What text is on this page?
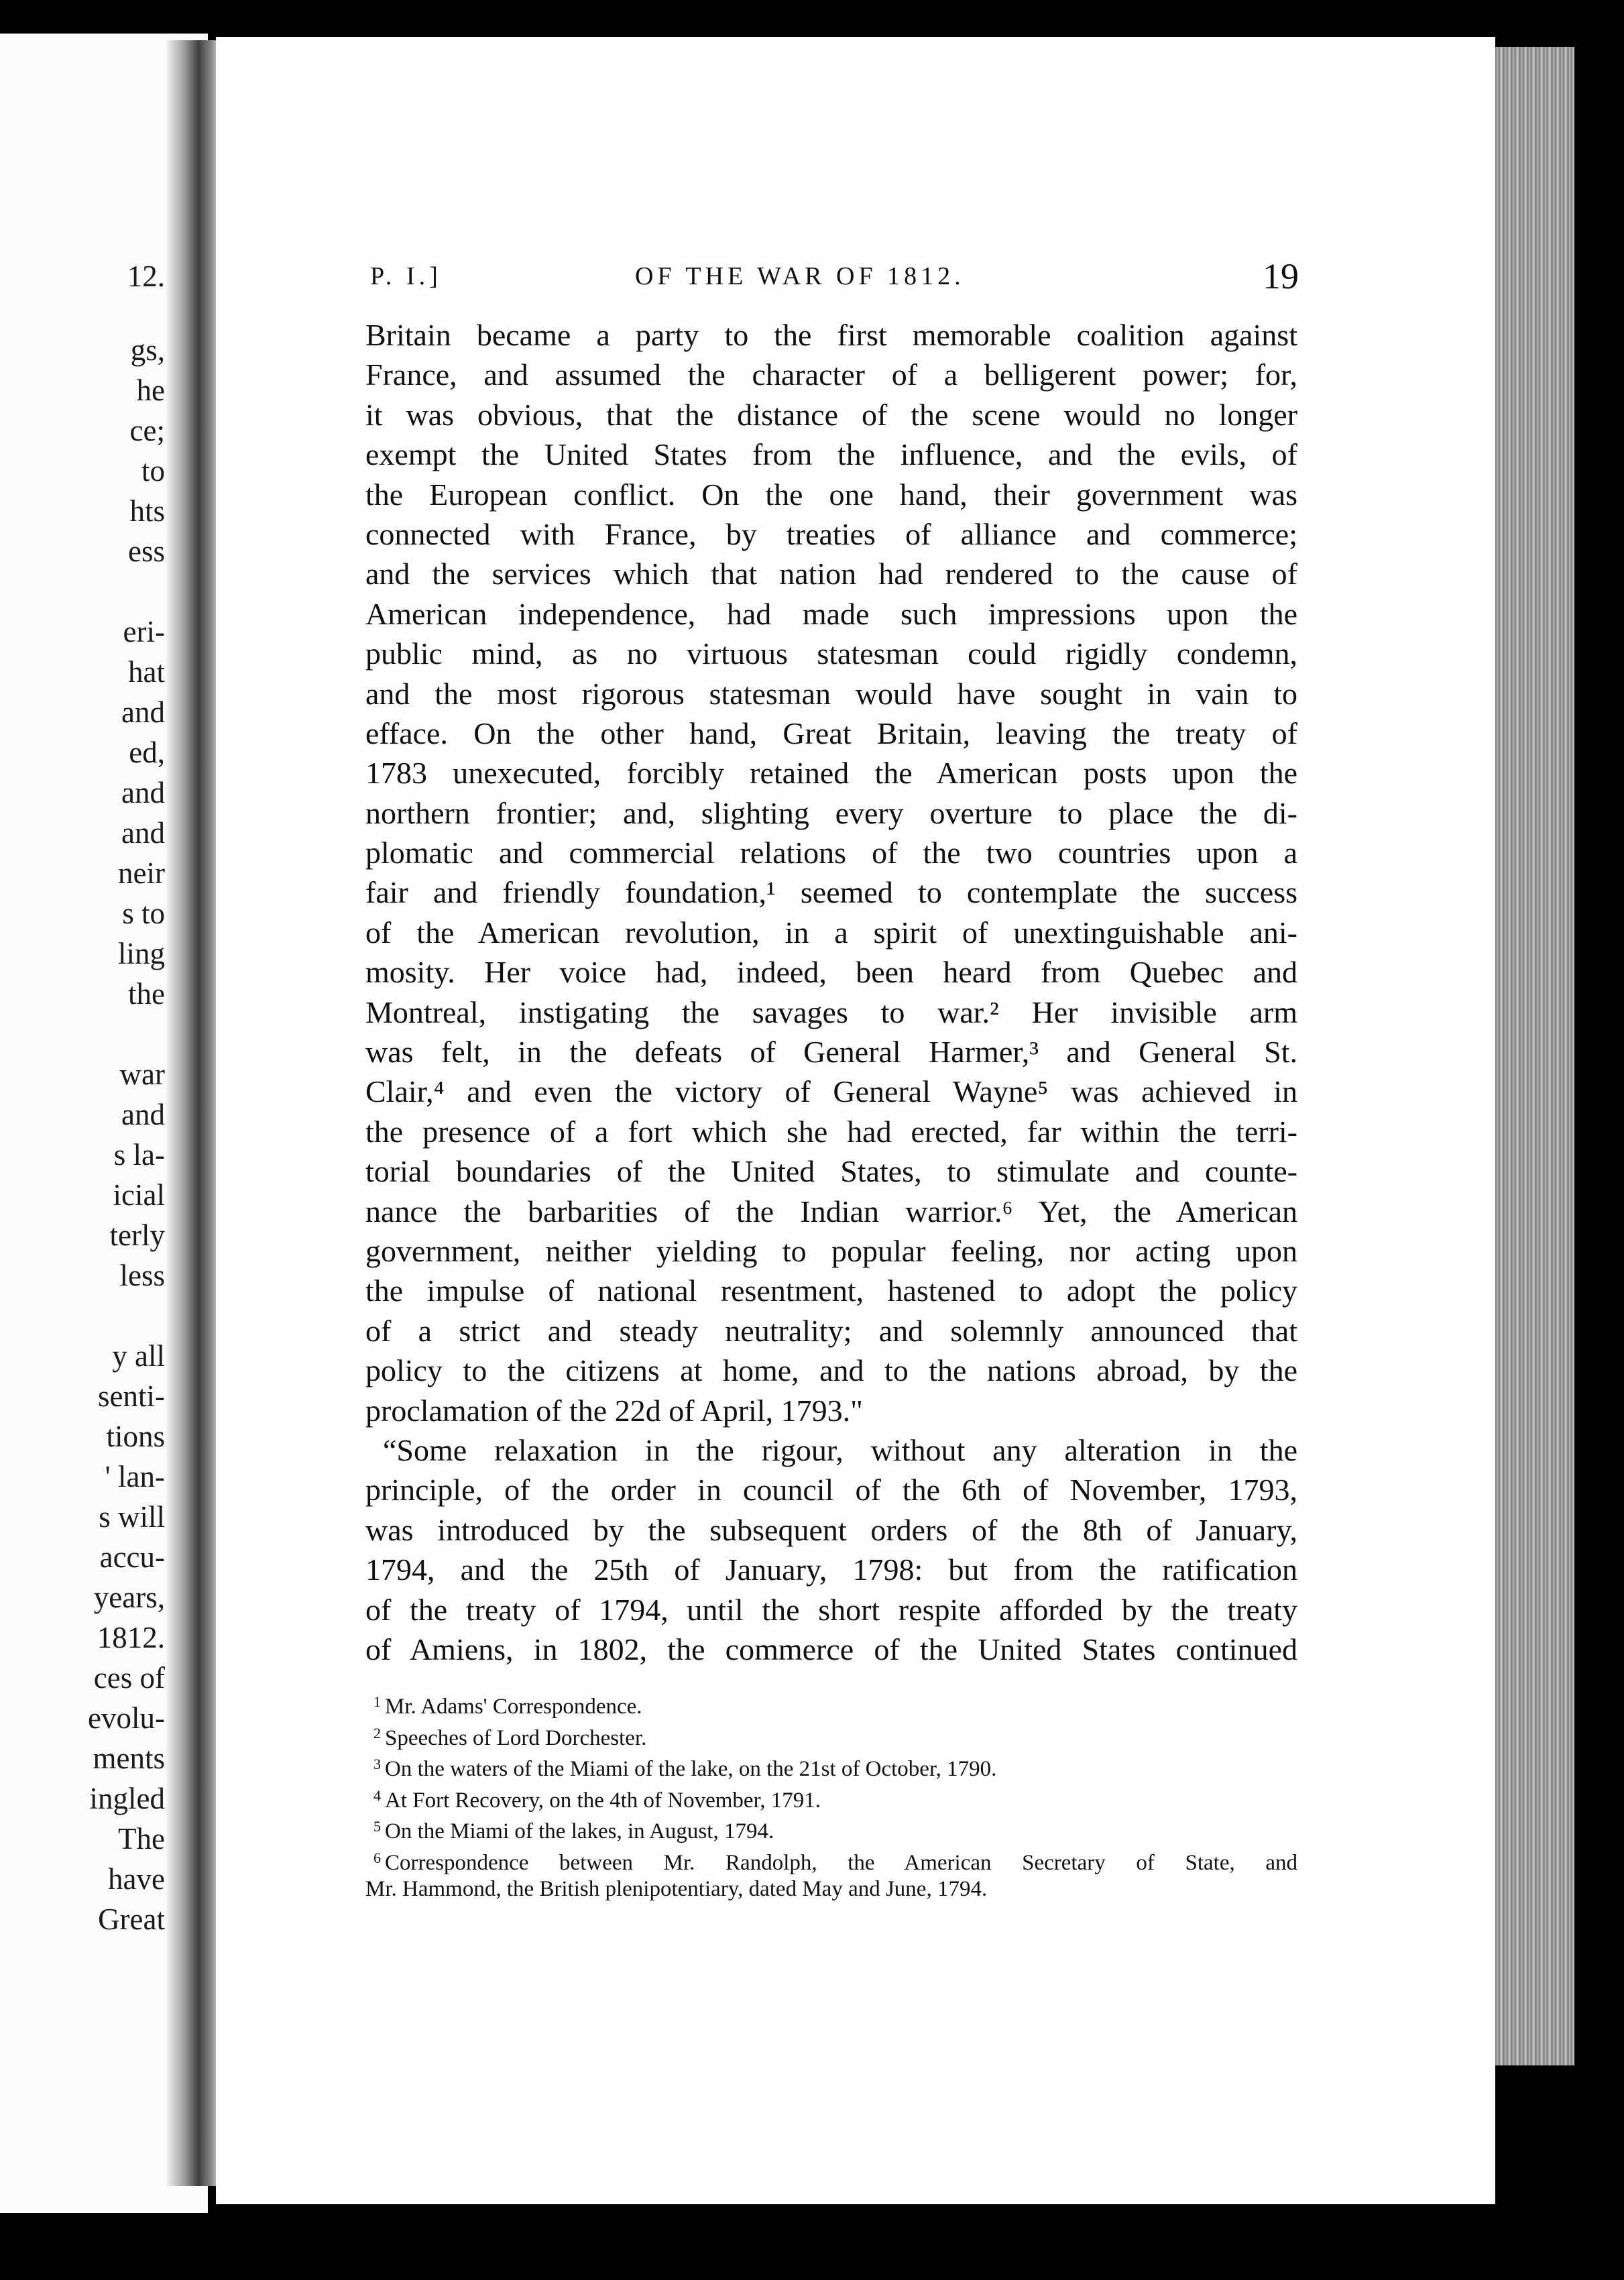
12.
gs,
he
ce;
to
hts
ess
eri-
hat
and
ed,
and
and
neir
s to
ling
the
war
and
s la-
icial
terly
less
y all
senti-
tions
' lan-
s will
accu-
years,
1812.
ces of
evolu-
ments
ingled
The
have
Great
P. I.]	OF THE WAR OF 1812.	19
Britain became a party to the first memorable coalition against
France, and assumed the character of a belligerent power; for,
it was obvious, that the distance of the scene would no longer
exempt the United States from the influence, and the evils, of
the European conflict. On the one hand, their government was
connected with France, by treaties of alliance and commerce;
and the services which that nation had rendered to the cause of
American independence, had made such impressions upon the
public mind, as no virtuous statesman could rigidly condemn,
and the most rigorous statesman would have sought in vain to
efface. On the other hand, Great Britain, leaving the treaty of
1783 unexecuted, forcibly retained the American posts upon the
northern frontier; and, slighting every overture to place the di-
plomatic and commercial relations of the two countries upon a
fair and friendly foundation,¹ seemed to contemplate the success
of the American revolution, in a spirit of unextinguishable ani-
mosity. Her voice had, indeed, been heard from Quebec and
Montreal, instigating the savages to war.² Her invisible arm
was felt, in the defeats of General Harmer,³ and General St.
Clair,⁴ and even the victory of General Wayne⁵ was achieved in
the presence of a fort which she had erected, far within the terri-
torial boundaries of the United States, to stimulate and counte-
nance the barbarities of the Indian warrior.⁶ Yet, the American
government, neither yielding to popular feeling, nor acting upon
the impulse of national resentment, hastened to adopt the policy
of a strict and steady neutrality; and solemnly announced that
policy to the citizens at home, and to the nations abroad, by the
proclamation of the 22d of April, 1793."
“Some relaxation in the rigour, without any alteration in the
principle, of the order in council of the 6th of November, 1793,
was introduced by the subsequent orders of the 8th of January,
1794, and the 25th of January, 1798: but from the ratification
of the treaty of 1794, until the short respite afforded by the treaty
of Amiens, in 1802, the commerce of the United States continued
$^1$ Mr. Adams' Correspondence.
$^2$ Speeches of Lord Dorchester.
$^3$ On the waters of the Miami of the lake, on the 21st of October, 1790.
$^4$ At Fort Recovery, on the 4th of November, 1791.
$^5$ On the Miami of the lakes, in August, 1794.
$^6$ Correspondence between Mr. Randolph, the American Secretary of State, and
Mr. Hammond, the British plenipotentiary, dated May and June, 1794.
